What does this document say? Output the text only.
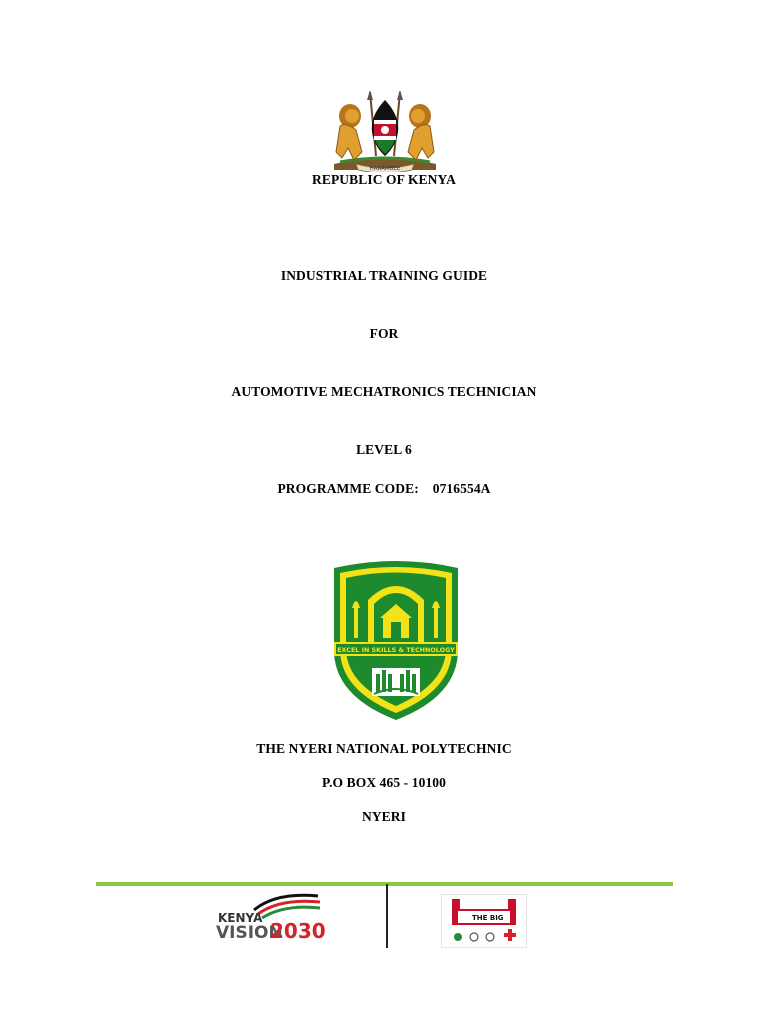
HARAMBEE
REPUBLIC OF KENYA
INDUSTRIAL TRAINING GUIDE
FOR
AUTOMOTIVE MECHATRONICS TECHNICIAN
LEVEL 6
PROGRAMME CODE: 0716554A
EXCEL IN SKILLS & TECHNOLOGY
THE NYERI NATIONAL POLYTECHNIC
P.O BOX 465 - 10100
NYERI
KENYA
VISION
2030
THE BIG
